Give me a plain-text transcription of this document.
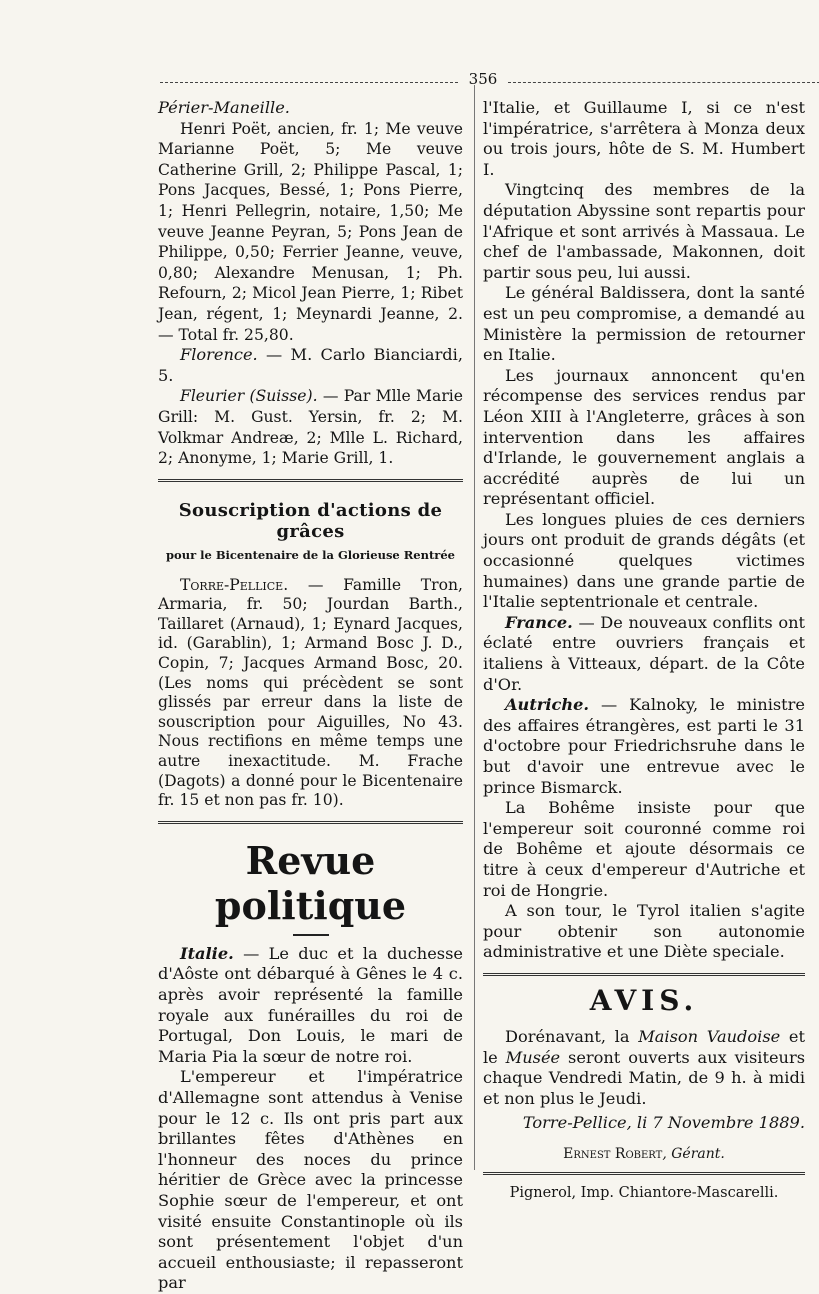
356

Périer-Maneille.

Henri Poët, ancien, fr. 1; Me veuve Marianne Poët, 5; Me veuve Catherine Grill, 2; Philippe Pascal, 1; Pons Jacques, Bessé, 1; Pons Pierre, 1; Henri Pellegrin, notaire, 1,50; Me veuve Jeanne Peyran, 5; Pons Jean de Philippe, 0,50; Ferrier Jeanne, veuve, 0,80; Alexandre Menusan, 1; Ph. Refourn, 2; Micol Jean Pierre, 1; Ribet Jean, régent, 1; Meynardi Jeanne, 2. — Total fr. 25,80.

Florence. — M. Carlo Bianciardi, 5.

Fleurier (Suisse). — Par Mlle Marie Grill: M. Gust. Yersin, fr. 2; M. Volkmar Andreæ, 2; Mlle L. Richard, 2; Anonyme, 1; Marie Grill, 1.

Souscription d'actions de grâces
pour le Bicentenaire de la Glorieuse Rentrée

Torre-Pellice. — Famille Tron, Armaria, fr. 50; Jourdan Barth., Taillaret (Arnaud), 1; Eynard Jacques, id. (Garablin), 1; Armand Bosc J. D., Copin, 7; Jacques Armand Bosc, 20. (Les noms qui précèdent se sont glissés par erreur dans la liste de souscription pour Aiguilles, No 43. Nous rectifions en même temps une autre inexactitude. M. Frache (Dagots) a donné pour le Bicentenaire fr. 15 et non pas fr. 10).

Revue politique

Italie. — Le duc et la duchesse d'Aôste ont débarqué à Gênes le 4 c. après avoir représenté la famille royale aux funérailles du roi de Portugal, Don Louis, le mari de Maria Pia la sœur de notre roi.

L'empereur et l'impératrice d'Allemagne sont attendus à Venise pour le 12 c. Ils ont pris part aux brillantes fêtes d'Athènes en l'honneur des noces du prince héritier de Grèce avec la princesse Sophie sœur de l'empereur, et ont visité ensuite Constantinople où ils sont présentement l'objet d'un accueil enthousiaste; il repasseront par

l'Italie, et Guillaume I, si ce n'est l'impératrice, s'arrêtera à Monza deux ou trois jours, hôte de S. M. Humbert I.

Vingtcinq des membres de la députation Abyssine sont repartis pour l'Afrique et sont arrivés à Massaua. Le chef de l'ambassade, Makonnen, doit partir sous peu, lui aussi.

Le général Baldissera, dont la santé est un peu compromise, a demandé au Ministère la permission de retourner en Italie.

Les journaux annoncent qu'en récompense des services rendus par Léon XIII à l'Angleterre, grâces à son intervention dans les affaires d'Irlande, le gouvernement anglais a accrédité auprès de lui un représentant officiel.

Les longues pluies de ces derniers jours ont produit de grands dégâts (et occasionné quelques victimes humaines) dans une grande partie de l'Italie septentrionale et centrale.

France. — De nouveaux conflits ont éclaté entre ouvriers français et italiens à Vitteaux, départ. de la Côte d'Or.

Autriche. — Kalnoky, le ministre des affaires étrangères, est parti le 31 d'octobre pour Friedrichsruhe dans le but d'avoir une entrevue avec le prince Bismarck.

La Bohême insiste pour que l'empereur soit couronné comme roi de Bohême et ajoute désormais ce titre à ceux d'empereur d'Autriche et roi de Hongrie.

A son tour, le Tyrol italien s'agite pour obtenir son autonomie administrative et une Diète speciale.

AVIS.

Dorénavant, la Maison Vaudoise et le Musée seront ouverts aux visiteurs chaque Vendredi Matin, de 9 h. à midi et non plus le Jeudi.

Torre-Pellice, li 7 Novembre 1889.

Ernest Robert, Gérant.
Pignerol, Imp. Chiantore-Mascarelli.
